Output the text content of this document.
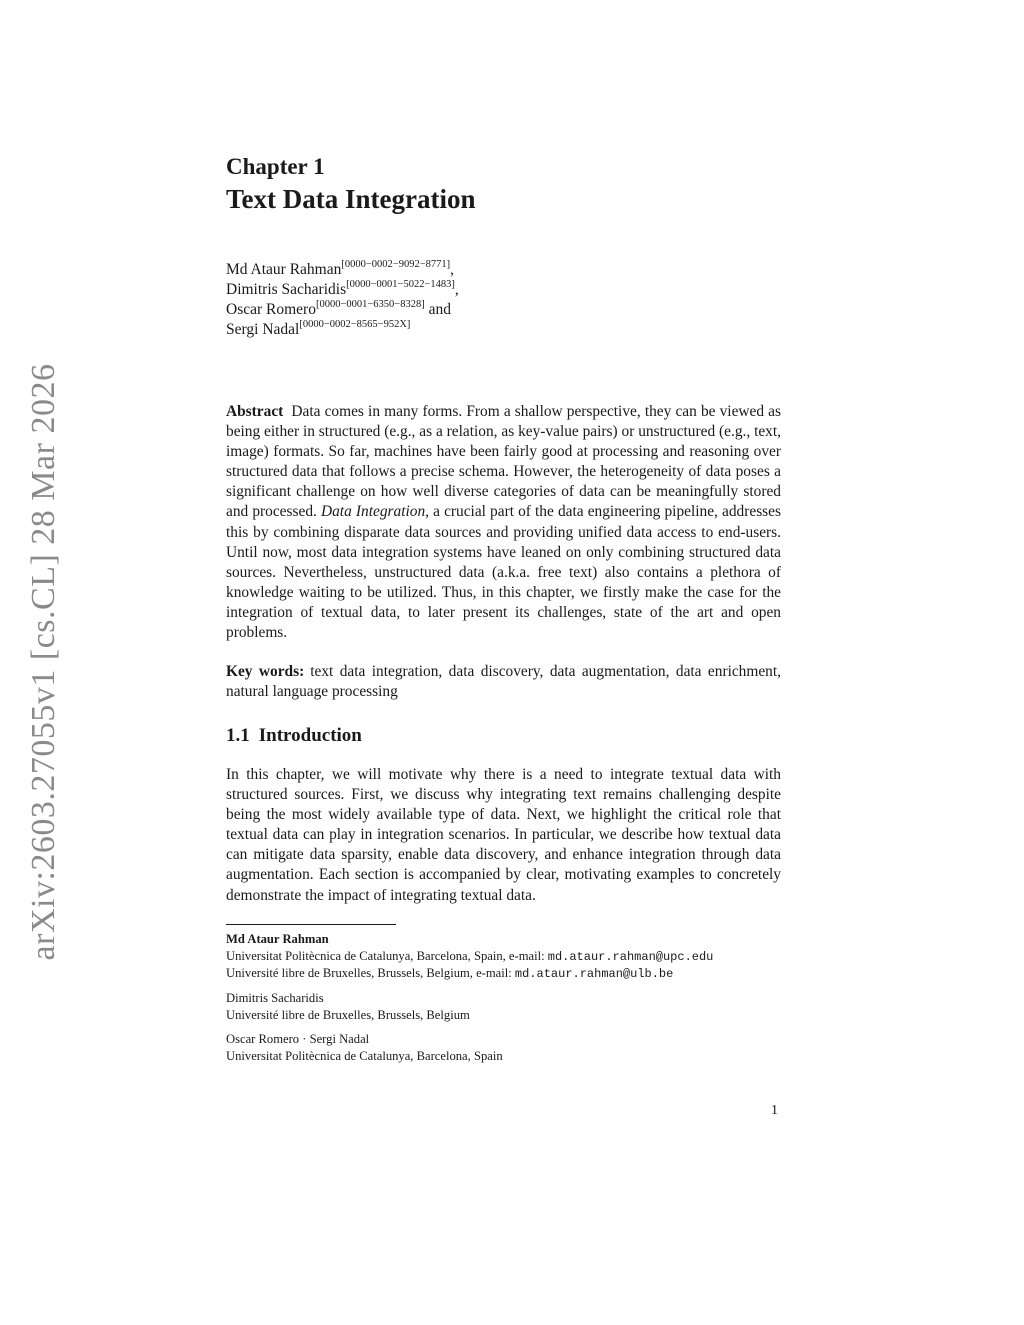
arXiv:2603.27055v1 [cs.CL] 28 Mar 2026
Chapter 1
Text Data Integration
Md Ataur Rahman[0000−0002−9092−8771],
Dimitris Sacharidis[0000−0001−5022−1483],
Oscar Romero[0000−0001−6350−8328] and
Sergi Nadal[0000−0002−8565−952X]
Abstract Data comes in many forms. From a shallow perspective, they can be viewed as being either in structured (e.g., as a relation, as key-value pairs) or unstructured (e.g., text, image) formats. So far, machines have been fairly good at processing and reasoning over structured data that follows a precise schema. However, the heterogeneity of data poses a significant challenge on how well diverse categories of data can be meaningfully stored and processed. Data Integration, a crucial part of the data engineering pipeline, addresses this by combining disparate data sources and providing unified data access to end-users. Until now, most data integration systems have leaned on only combining structured data sources. Nevertheless, unstructured data (a.k.a. free text) also contains a plethora of knowledge waiting to be utilized. Thus, in this chapter, we firstly make the case for the integration of textual data, to later present its challenges, state of the art and open problems.
Key words: text data integration, data discovery, data augmentation, data enrichment, natural language processing
1.1 Introduction
In this chapter, we will motivate why there is a need to integrate textual data with structured sources. First, we discuss why integrating text remains challenging despite being the most widely available type of data. Next, we highlight the critical role that textual data can play in integration scenarios. In particular, we describe how textual data can mitigate data sparsity, enable data discovery, and enhance integration through data augmentation. Each section is accompanied by clear, motivating examples to concretely demonstrate the impact of integrating textual data.
Md Ataur Rahman
Universitat Politècnica de Catalunya, Barcelona, Spain, e-mail: md.ataur.rahman@upc.edu
Université libre de Bruxelles, Brussels, Belgium, e-mail: md.ataur.rahman@ulb.be
Dimitris Sacharidis
Université libre de Bruxelles, Brussels, Belgium
Oscar Romero · Sergi Nadal
Universitat Politècnica de Catalunya, Barcelona, Spain
1
